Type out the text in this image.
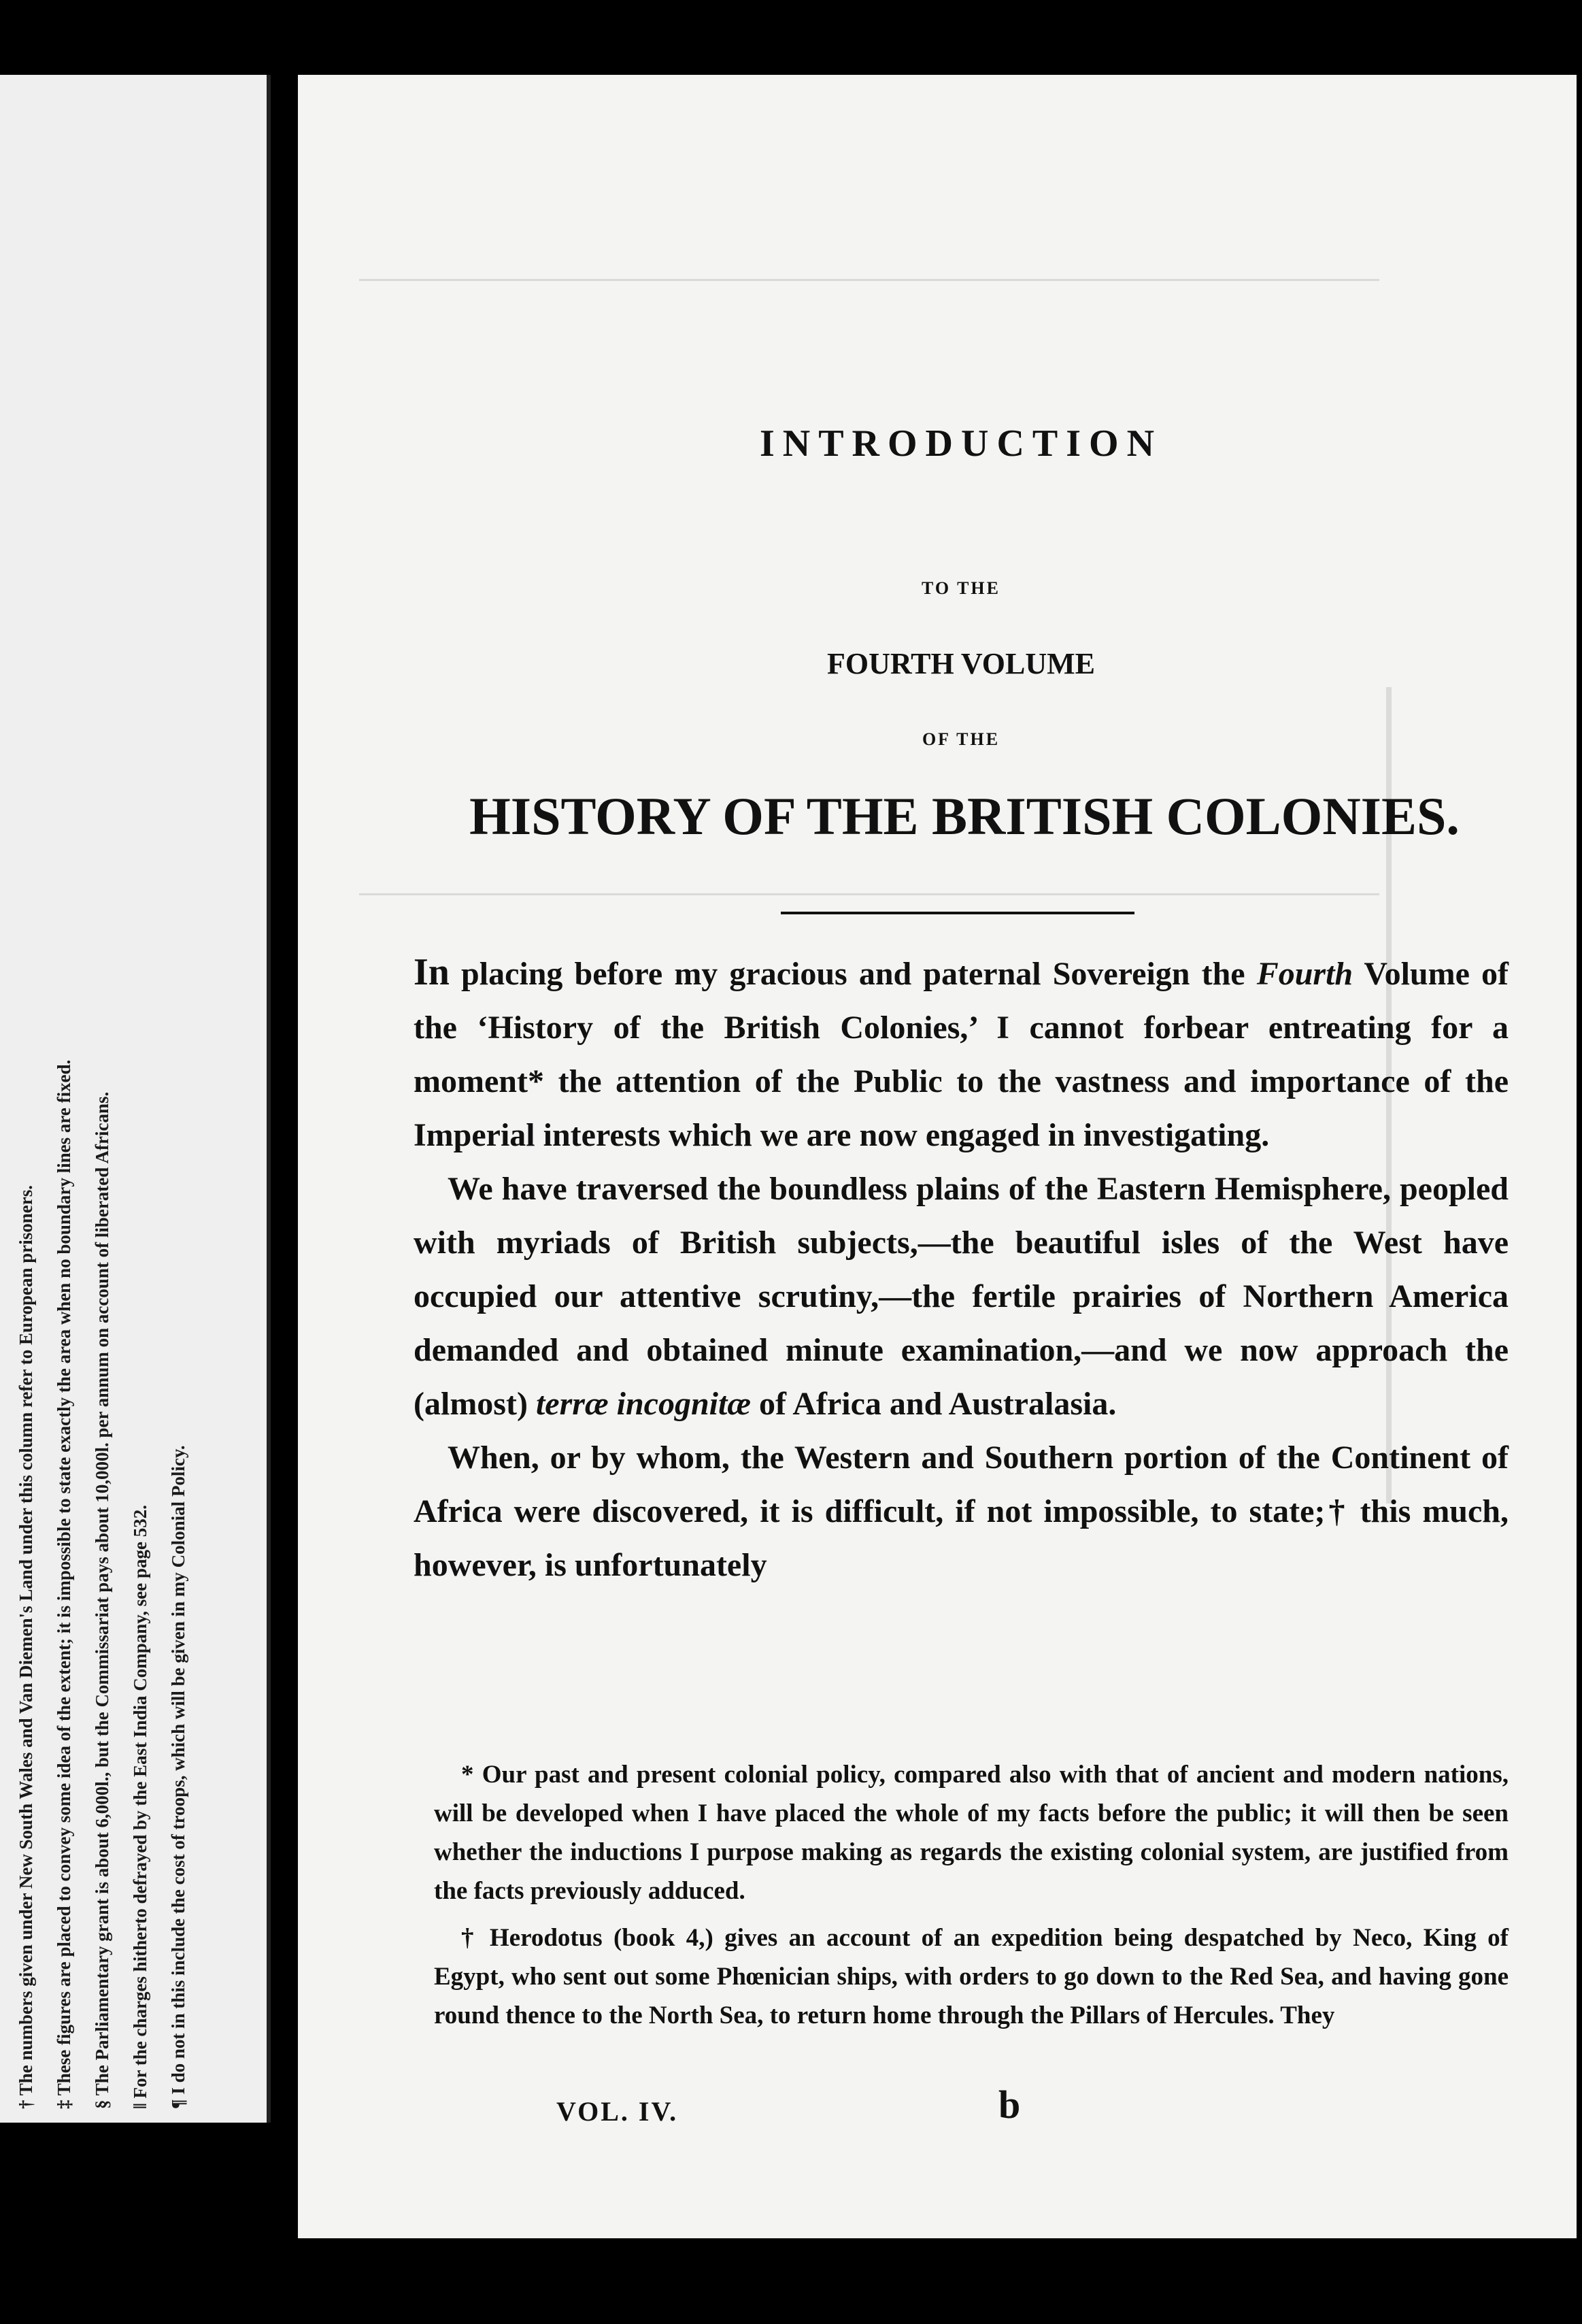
† The numbers given under New South Wales and Van Diemen's Land under this column refer to European prisoners. ‡ These figures are placed to convey some idea of the extent; it is impossible to state exactly the area when no boundary lines are fixed. § The Parliamentary grant is about 6,000l., but the Commissariat pays about 10,000l. per annum on account of liberated Africans. ‖ For the charges hitherto defrayed by the East India Company, see page 532. ¶ I do not in this include the cost of troops, which will be given in my Colonial Policy.
INTRODUCTION
TO THE
FOURTH VOLUME
OF THE
HISTORY OF THE BRITISH COLONIES.

In placing before my gracious and paternal Sovereign the Fourth Volume of the ‘History of the British Colonies,’ I cannot forbear entreating for a moment* the attention of the Public to the vastness and importance of the Imperial interests which we are now engaged in investigating.

We have traversed the boundless plains of the Eastern Hemisphere, peopled with myriads of British subjects,—the beautiful isles of the West have occupied our attentive scrutiny,—the fertile prairies of Northern America demanded and obtained minute examination,—and we now approach the (almost) terræ incognitæ of Africa and Australasia.

When, or by whom, the Western and Southern portion of the Continent of Africa were discovered, it is difficult, if not impossible, to state;† this much, however, is unfortunately

* Our past and present colonial policy, compared also with that of ancient and modern nations, will be developed when I have placed the whole of my facts before the public; it will then be seen whether the inductions I purpose making as regards the existing colonial system, are justified from the facts previously adduced.

† Herodotus (book 4,) gives an account of an expedition being despatched by Neco, King of Egypt, who sent out some Phœnician ships, with orders to go down to the Red Sea, and having gone round thence to the North Sea, to return home through the Pillars of Hercules. They

VOL. IV.	b
